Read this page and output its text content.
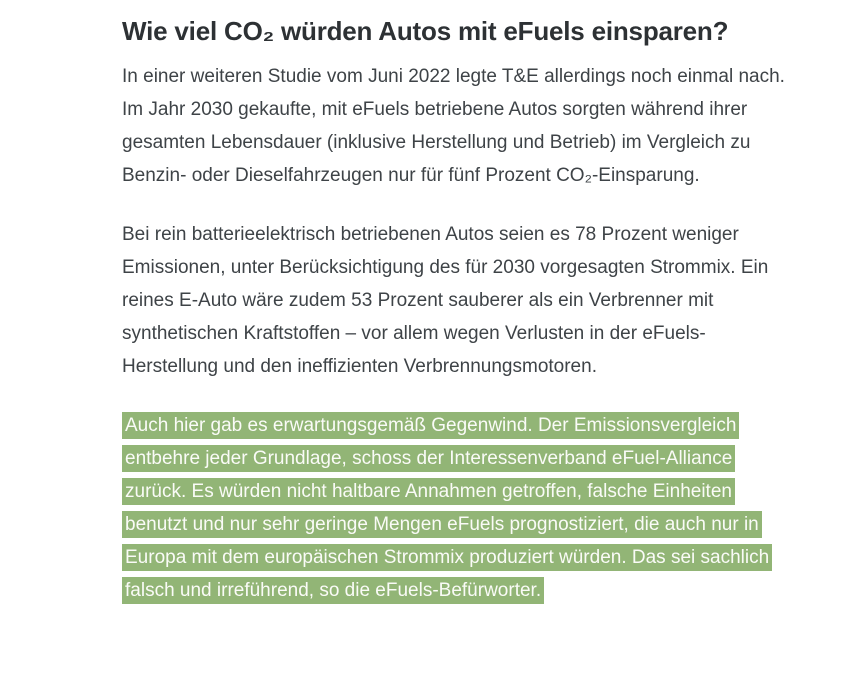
Wie viel CO₂ würden Autos mit eFuels einsparen?

In einer weiteren Studie vom Juni 2022 legte T&E allerdings noch einmal nach. Im Jahr 2030 gekaufte, mit eFuels betriebene Autos sorgten während ihrer gesamten Lebensdauer (inklusive Herstellung und Betrieb) im Vergleich zu Benzin- oder Dieselfahrzeugen nur für fünf Prozent CO₂-Einsparung.

Bei rein batterieelektrisch betriebenen Autos seien es 78 Prozent weniger Emissionen, unter Berücksichtigung des für 2030 vorgesagten Strommix. Ein reines E-Auto wäre zudem 53 Prozent sauberer als ein Verbrenner mit synthetischen Kraftstoffen – vor allem wegen Verlusten in der eFuels-Herstellung und den ineffizienten Verbrennungsmotoren.

Auch hier gab es erwartungsgemäß Gegenwind. Der Emissionsvergleich entbehre jeder Grundlage, schoss der Interessenverband eFuel-Alliance zurück. Es würden nicht haltbare Annahmen getroffen, falsche Einheiten benutzt und nur sehr geringe Mengen eFuels prognostiziert, die auch nur in Europa mit dem europäischen Strommix produziert würden. Das sei sachlich falsch und irreführend, so die eFuels-Befürworter.
